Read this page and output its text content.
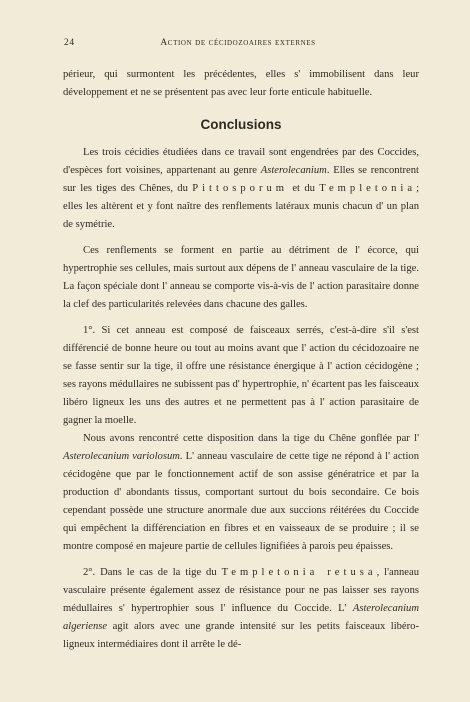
24	Action de cécidozoaires externes

périeur, qui surmontent les précédentes, elles s' immobilisent dans leur développement et ne se présentent pas avec leur forte enticule habituelle.

Conclusions

Les trois cécidies étudiées dans ce travail sont engendrées par des Coccides, d'espèces fort voisines, appartenant au genre Asterolecanium. Elles se rencontrent sur les tiges des Chênes, du Pittosporum et du Templetonia; elles les altèrent et y font naître des renflements latéraux munis chacun d' un plan de symétrie.

Ces renflements se forment en partie au détriment de l' écorce, qui hypertrophie ses cellules, mais surtout aux dépens de l' anneau vasculaire de la tige. La façon spéciale dont l' anneau se comporte vis-à-vis de l' action parasitaire donne la clef des particularités relevées dans chacune des galles.

1°. Si cet anneau est composé de faisceaux serrés, c'est-à-dire s'il s'est différencié de bonne heure ou tout au moins avant que l' action du cécidozoaire ne se fasse sentir sur la tige, il offre une résistance énergique à l' action cécidogène ; ses rayons médullaires ne subissent pas d' hypertrophie, n' écartent pas les faisceaux libéro ligneux les uns des autres et ne permettent pas à l' action parasitaire de gagner la moelle.

Nous avons rencontré cette disposition dans la tige du Chêne gonflée par l' Asterolecanium variolosum. L' anneau vasculaire de cette tige ne répond à l' action cécidogène que par le fonctionnement actif de son assise génératrice et par la production d' abondants tissus, comportant surtout du bois secondaire. Ce bois cependant possède une structure anormale due aux succions réitérées du Coccide qui empêchent la différenciation en fibres et en vaisseaux de se produire ; il se montre composé en majeure partie de cellules lignifiées à parois peu épaisses.

2°. Dans le cas de la tige du Templetonia retusa, l'anneau vasculaire présente également assez de résistance pour ne pas laisser ses rayons médullaires s' hypertrophier sous l' influence du Coccide. L' Asterolecanium algeriense agit alors avec une grande intensité sur les petits faisceaux libéro-ligneux intermédiaires dont il arrête le dé-
